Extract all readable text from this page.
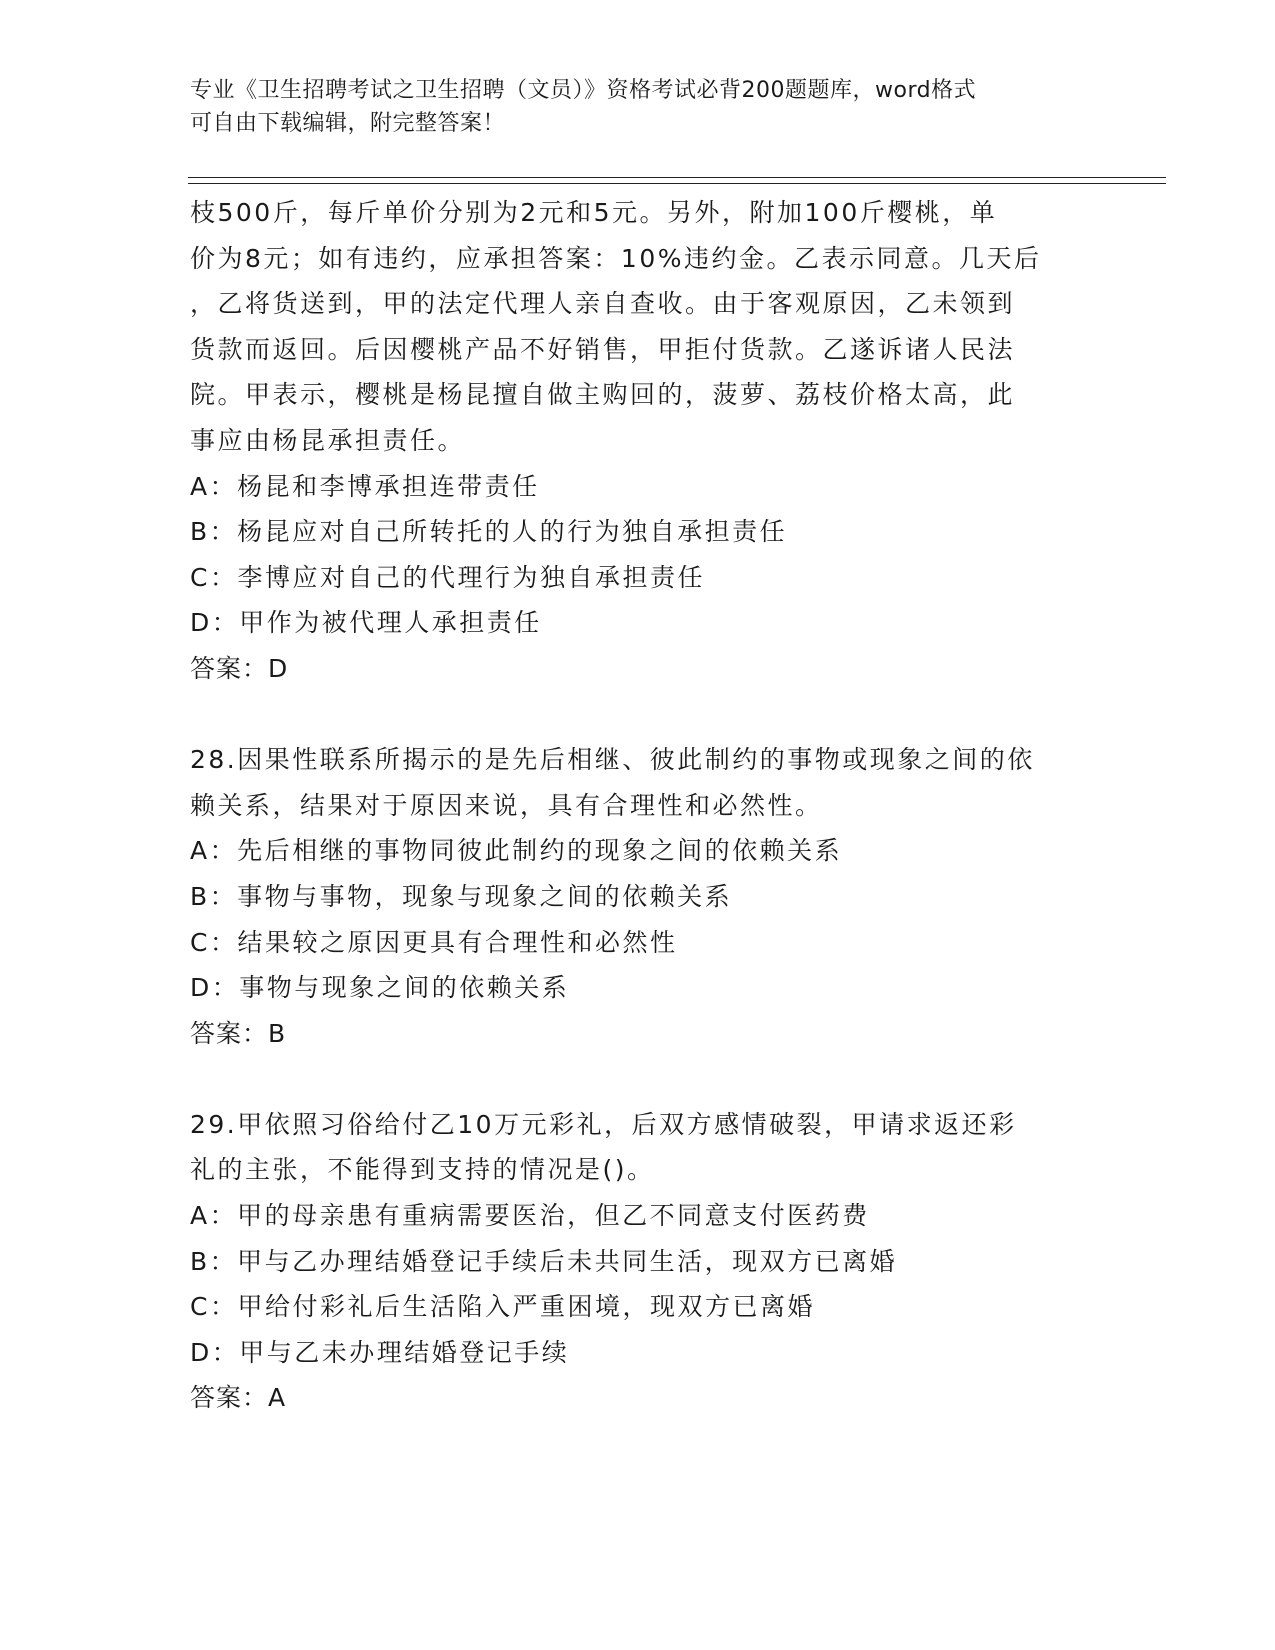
专业《卫生招聘考试之卫生招聘（文员）》资格考试必背200题题库，word格式
可自由下载编辑，附完整答案！
枝500斤，每斤单价分别为2元和5元。另外，附加100斤樱桃，单
价为8元；如有违约，应承担答案：10%违约金。乙表示同意。几天后
，乙将货送到，甲的法定代理人亲自查收。由于客观原因，乙未领到
货款而返回。后因樱桃产品不好销售，甲拒付货款。乙遂诉诸人民法
院。甲表示，樱桃是杨昆擅自做主购回的，菠萝、荔枝价格太高，此
事应由杨昆承担责任。
A：杨昆和李博承担连带责任
B：杨昆应对自己所转托的人的行为独自承担责任
C：李博应对自己的代理行为独自承担责任
D：甲作为被代理人承担责任
答案：D
28.因果性联系所揭示的是先后相继、彼此制约的事物或现象之间的依
赖关系，结果对于原因来说，具有合理性和必然性。
A：先后相继的事物同彼此制约的现象之间的依赖关系
B：事物与事物，现象与现象之间的依赖关系
C：结果较之原因更具有合理性和必然性
D：事物与现象之间的依赖关系
答案：B
29.甲依照习俗给付乙10万元彩礼，后双方感情破裂，甲请求返还彩
礼的主张，不能得到支持的情况是()。
A：甲的母亲患有重病需要医治，但乙不同意支付医药费
B：甲与乙办理结婚登记手续后未共同生活，现双方已离婚
C：甲给付彩礼后生活陷入严重困境，现双方已离婚
D：甲与乙未办理结婚登记手续
答案：A
